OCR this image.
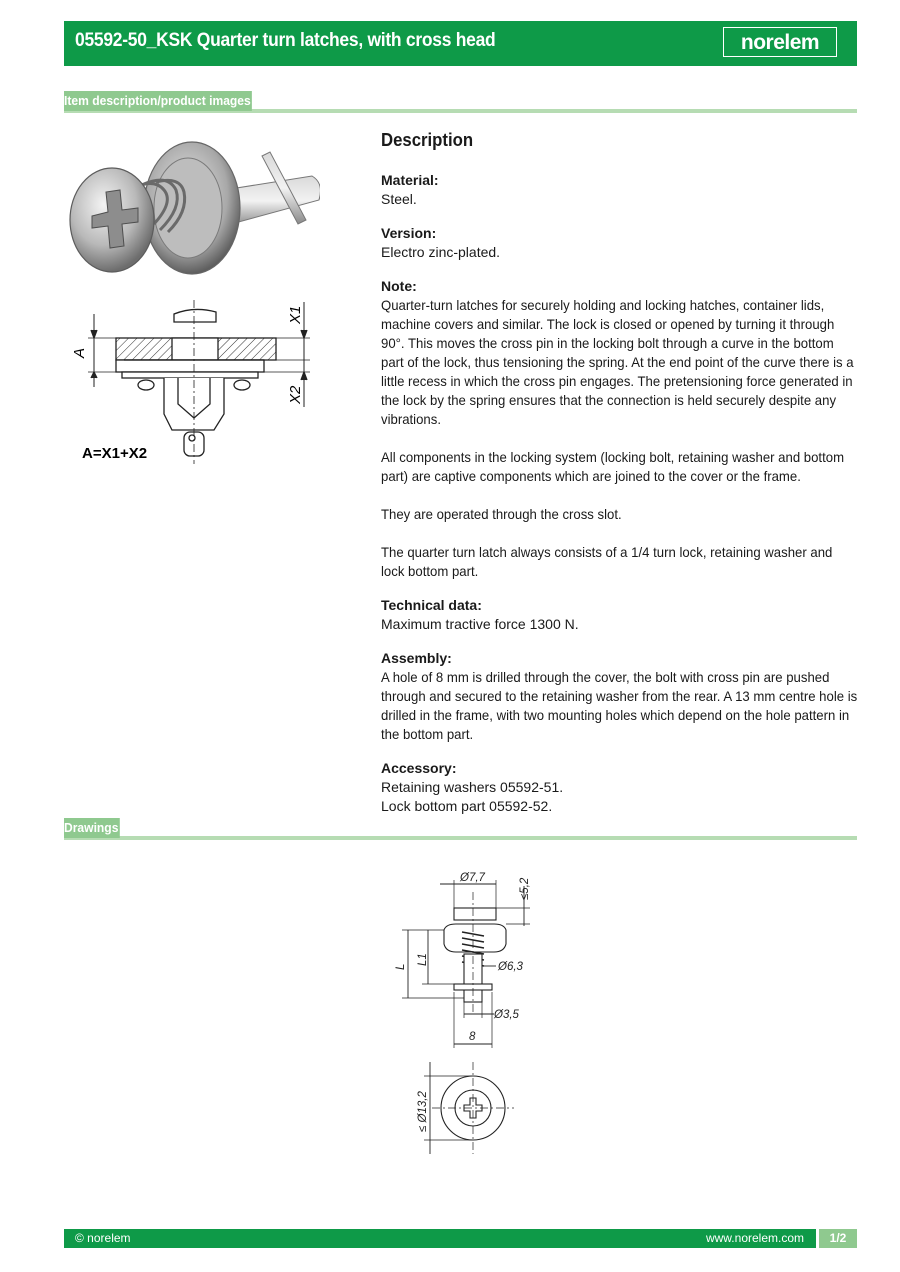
05592-50_KSK Quarter turn latches, with cross head	norelem
Item description/product images
A
X1
X2
A=X1+X2
Description
Material:

Steel.

Version:

Electro zinc-plated.

Note:

Quarter-turn latches for securely holding and locking hatches, container lids, machine covers and similar. The lock is closed or opened by turning it through 90°. This moves the cross pin in the locking bolt through a curve in the bottom part of the lock, thus tensioning the spring. At the end point of the curve there is a little recess in which the cross pin engages. The pretensioning force generated in the lock by the spring ensures that the connection is held securely despite any vibrations.

All components in the locking system (locking bolt, retaining washer and bottom part) are captive components which are joined to the cover or the frame.

They are operated through the cross slot.

The quarter turn latch always consists of a 1/4 turn lock, retaining washer and lock bottom part.

Technical data:

Maximum tractive force 1300 N.

Assembly:

A hole of 8 mm is drilled through the cover, the bolt with cross pin are pushed through and secured to the retaining washer from the rear. A 13 mm centre hole is drilled in the frame, with two mounting holes which depend on the hole pattern in the bottom part.

Accessory:

Retaining washers 05592-51.

Lock bottom part 05592-52.

Drawings
Ø7,7	≤5,2
L
L1
Ø6,3
Ø3,5
8
≤ Ø13,2
© norelem	www.norelem.com	1/2
